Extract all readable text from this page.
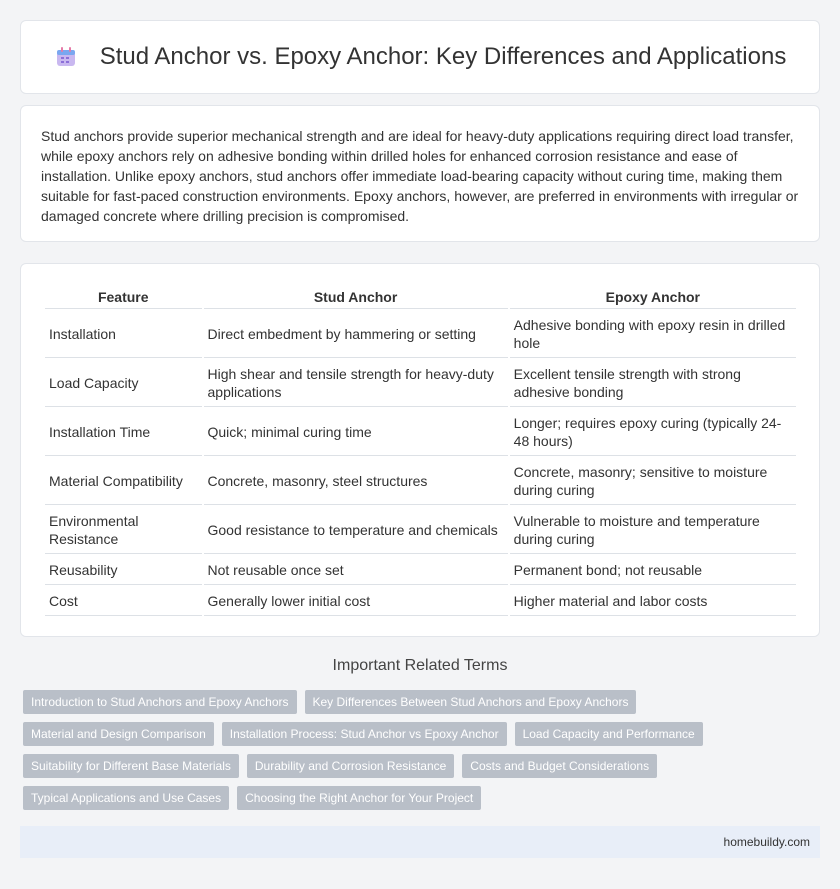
Stud Anchor vs. Epoxy Anchor: Key Differences and Applications

Stud anchors provide superior mechanical strength and are ideal for heavy-duty applications requiring direct load transfer, while epoxy anchors rely on adhesive bonding within drilled holes for enhanced corrosion resistance and ease of installation. Unlike epoxy anchors, stud anchors offer immediate load-bearing capacity without curing time, making them suitable for fast-paced construction environments. Epoxy anchors, however, are preferred in environments with irregular or damaged concrete where drilling precision is compromised.

Feature	Stud Anchor	Epoxy Anchor
Installation	Direct embedment by hammering or setting	Adhesive bonding with epoxy resin in drilled hole
Load Capacity	High shear and tensile strength for heavy-duty applications	Excellent tensile strength with strong adhesive bonding
Installation Time	Quick; minimal curing time	Longer; requires epoxy curing (typically 24-48 hours)
Material Compatibility	Concrete, masonry, steel structures	Concrete, masonry; sensitive to moisture during curing
Environmental Resistance	Good resistance to temperature and chemicals	Vulnerable to moisture and temperature during curing
Reusability	Not reusable once set	Permanent bond; not reusable
Cost	Generally lower initial cost	Higher material and labor costs
Important Related Terms
Introduction to Stud Anchors and Epoxy Anchors	Key Differences Between Stud Anchors and Epoxy Anchors
Material and Design Comparison	Installation Process: Stud Anchor vs Epoxy Anchor	Load Capacity and Performance
Suitability for Different Base Materials	Durability and Corrosion Resistance	Costs and Budget Considerations
Typical Applications and Use Cases	Choosing the Right Anchor for Your Project
homebuildy.com
